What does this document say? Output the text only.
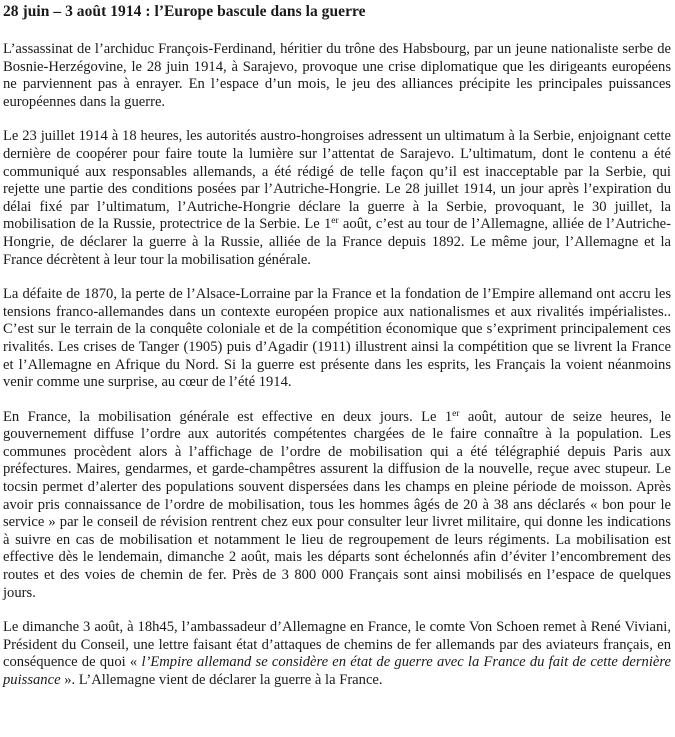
28 juin – 3 août 1914 : l’Europe bascule dans la guerre

L’assassinat de l’archiduc François-Ferdinand, héritier du trône des Habsbourg, par un jeune nationaliste serbe de Bosnie-Herzégovine, le 28 juin 1914, à Sarajevo, provoque une crise diplomatique que les dirigeants européens ne parviennent pas à enrayer. En l’espace d’un mois, le jeu des alliances précipite les principales puissances européennes dans la guerre.

Le 23 juillet 1914 à 18 heures, les autorités austro-hongroises adressent un ultimatum à la Serbie, enjoignant cette dernière de coopérer pour faire toute la lumière sur l’attentat de Sarajevo. L’ultimatum, dont le contenu a été communiqué aux responsables allemands, a été rédigé de telle façon qu’il est inacceptable par la Serbie, qui rejette une partie des conditions posées par l’Autriche-Hongrie. Le 28 juillet 1914, un jour après l’expiration du délai fixé par l’ultimatum, l’Autriche-Hongrie déclare la guerre à la Serbie, provoquant, le 30 juillet, la mobilisation de la Russie, protectrice de la Serbie. Le 1er août, c’est au tour de l’Allemagne, alliée de l’Autriche-Hongrie, de déclarer la guerre à la Russie, alliée de la France depuis 1892. Le même jour, l’Allemagne et la France décrètent à leur tour la mobilisation générale.

La défaite de 1870, la perte de l’Alsace-Lorraine par la France et la fondation de l’Empire allemand ont accru les tensions franco-allemandes dans un contexte européen propice aux nationalismes et aux rivalités impérialistes.. C’est sur le terrain de la conquête coloniale et de la compétition économique que s’expriment principalement ces rivalités. Les crises de Tanger (1905) puis d’Agadir (1911) illustrent ainsi la compétition que se livrent la France et l’Allemagne en Afrique du Nord. Si la guerre est présente dans les esprits, les Français la voient néanmoins venir comme une surprise, au cœur de l’été 1914.

En France, la mobilisation générale est effective en deux jours. Le 1er août, autour de seize heures, le gouvernement diffuse l’ordre aux autorités compétentes chargées de le faire connaître à la population. Les communes procèdent alors à l’affichage de l’ordre de mobilisation qui a été télégraphié depuis Paris aux préfectures. Maires, gendarmes, et garde-champêtres assurent la diffusion de la nouvelle, reçue avec stupeur. Le tocsin permet d’alerter des populations souvent dispersées dans les champs en pleine période de moisson. Après avoir pris connaissance de l’ordre de mobilisation, tous les hommes âgés de 20 à 38 ans déclarés « bon pour le service » par le conseil de révision rentrent chez eux pour consulter leur livret militaire, qui donne les indications à suivre en cas de mobilisation et notamment le lieu de regroupement de leurs régiments. La mobilisation est effective dès le lendemain, dimanche 2 août, mais les départs sont échelonnés afin d’éviter l’encombrement des routes et des voies de chemin de fer. Près de 3 800 000 Français sont ainsi mobilisés en l’espace de quelques jours.

Le dimanche 3 août, à 18h45, l’ambassadeur d’Allemagne en France, le comte Von Schoen remet à René Viviani, Président du Conseil, une lettre faisant état d’attaques de chemins de fer allemands par des aviateurs français, en conséquence de quoi « l’Empire allemand se considère en état de guerre avec la France du fait de cette dernière puissance ». L’Allemagne vient de déclarer la guerre à la France.
